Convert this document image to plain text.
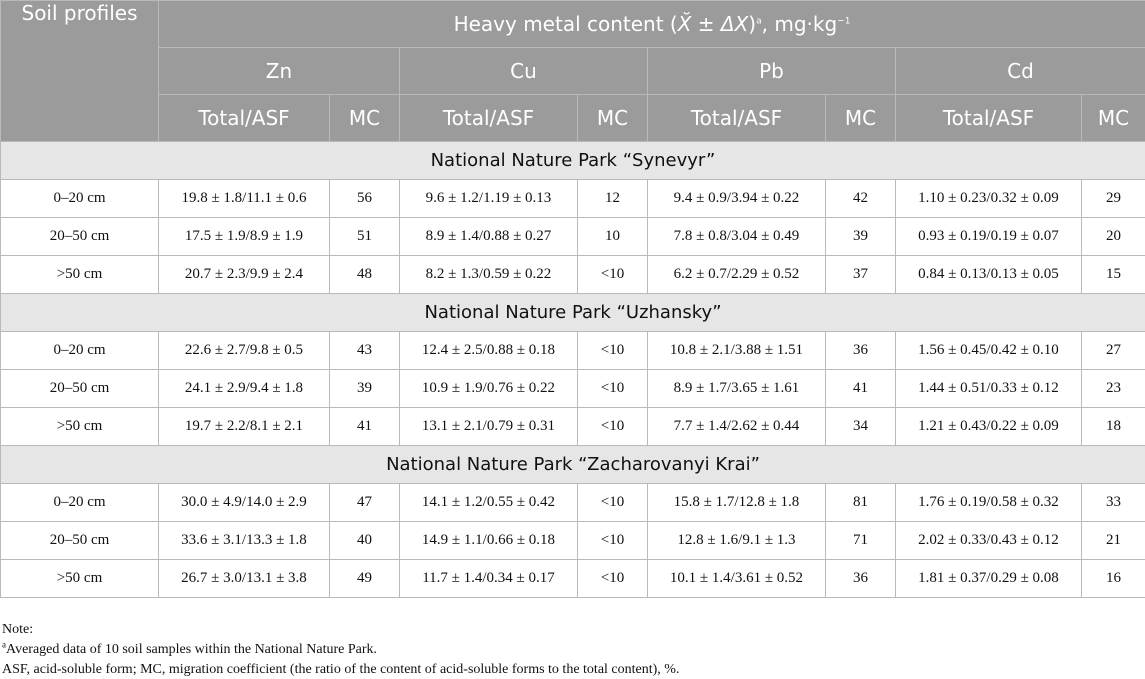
Soil profiles	Heavy metal content (X̆ ± ΔX)$^a$, $mg\cdot kg^{-1}$
	Zn		Cu		Pb		Cd	
	Total/ASF	MC	Total/ASF	MC	Total/ASF	MC	Total/ASF	MC
National Nature Park “Synevyr”								
0–20 cm	19.8 ± 1.8/11.1 ± 0.6	56	9.6 ± 1.2/1.19 ± 0.13	12	9.4 ± 0.9/3.94 ± 0.22	42	1.10 ± 0.23/0.32 ± 0.09	29
20–50 cm	17.5 ± 1.9/8.9 ± 1.9	51	8.9 ± 1.4/0.88 ± 0.27	10	7.8 ± 0.8/3.04 ± 0.49	39	0.93 ± 0.19/0.19 ± 0.07	20
>50 cm	20.7 ± 2.3/9.9 ± 2.4	48	8.2 ± 1.3/0.59 ± 0.22	<10	6.2 ± 0.7/2.29 ± 0.52	37	0.84 ± 0.13/0.13 ± 0.05	15
National Nature Park “Uzhansky”								
0–20 cm	22.6 ± 2.7/9.8 ± 0.5	43	12.4 ± 2.5/0.88 ± 0.18	<10	10.8 ± 2.1/3.88 ± 1.51	36	1.56 ± 0.45/0.42 ± 0.10	27
20–50 cm	24.1 ± 2.9/9.4 ± 1.8	39	10.9 ± 1.9/0.76 ± 0.22	<10	8.9 ± 1.7/3.65 ± 1.61	41	1.44 ± 0.51/0.33 ± 0.12	23
>50 cm	19.7 ± 2.2/8.1 ± 2.1	41	13.1 ± 2.1/0.79 ± 0.31	<10	7.7 ± 1.4/2.62 ± 0.44	34	1.21 ± 0.43/0.22 ± 0.09	18
National Nature Park “Zacharovanyi Krai”								
0–20 cm	30.0 ± 4.9/14.0 ± 2.9	47	14.1 ± 1.2/0.55 ± 0.42	<10	15.8 ± 1.7/12.8 ± 1.8	81	1.76 ± 0.19/0.58 ± 0.32	33
20–50 cm	33.6 ± 3.1/13.3 ± 1.8	40	14.9 ± 1.1/0.66 ± 0.18	<10	12.8 ± 1.6/9.1 ± 1.3	71	2.02 ± 0.33/0.43 ± 0.12	21
>50 cm	26.7 ± 3.0/13.1 ± 3.8	49	11.7 ± 1.4/0.34 ± 0.17	<10	10.1 ± 1.4/3.61 ± 0.52	36	1.81 ± 0.37/0.29 ± 0.08	16
Note:
$^a$Averaged data of 10 soil samples within the National Nature Park.
ASF, acid-soluble form; MC, migration coefficient (the ratio of the content of acid-soluble forms to the total content), %.
